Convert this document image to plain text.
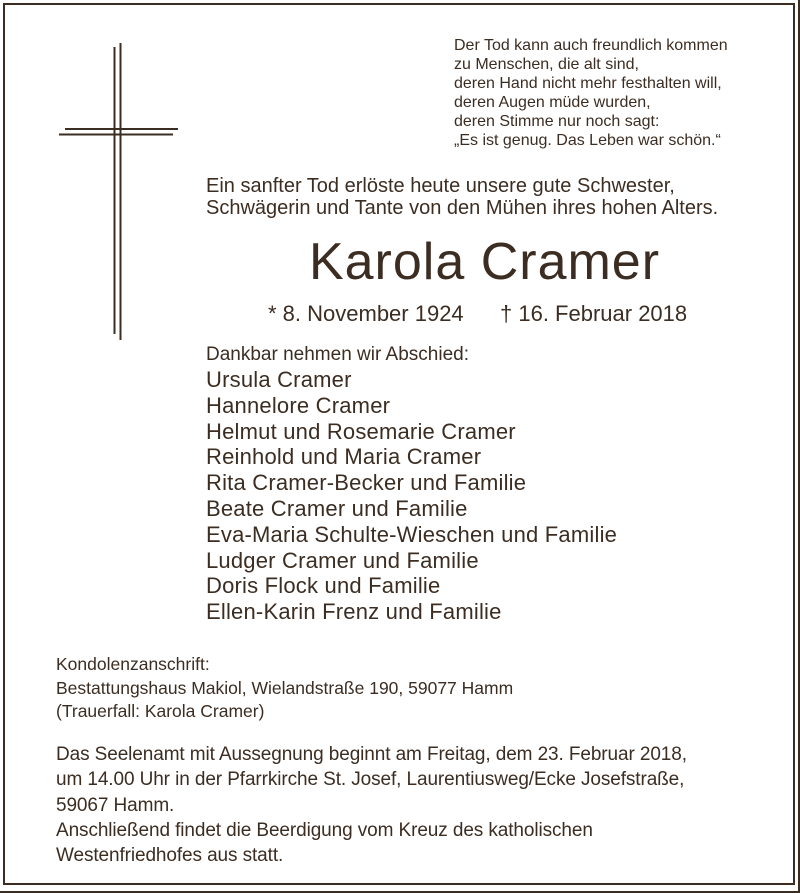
Der Tod kann auch freundlich kommen
zu Menschen, die alt sind,
deren Hand nicht mehr festhalten will,
deren Augen müde wurden,
deren Stimme nur noch sagt:
„Es ist genug. Das Leben war schön.“
Ein sanfter Tod erlöste heute unsere gute Schwester,
Schwägerin und Tante von den Mühen ihres hohen Alters.
Karola Cramer
* 8. November 1924 † 16. Februar 2018
Dankbar nehmen wir Abschied:
Ursula Cramer
Hannelore Cramer
Helmut und Rosemarie Cramer
Reinhold und Maria Cramer
Rita Cramer-Becker und Familie
Beate Cramer und Familie
Eva-Maria Schulte-Wieschen und Familie
Ludger Cramer und Familie
Doris Flock und Familie
Ellen-Karin Frenz und Familie
Kondolenzanschrift:
Bestattungshaus Makiol, Wielandstraße 190, 59077 Hamm
(Trauerfall: Karola Cramer)
Das Seelenamt mit Aussegnung beginnt am Freitag, dem 23. Februar 2018,
um 14.00 Uhr in der Pfarrkirche St. Josef, Laurentiusweg/Ecke Josefstraße,
59067 Hamm.
Anschließend findet die Beerdigung vom Kreuz des katholischen
Westenfriedhofes aus statt.
